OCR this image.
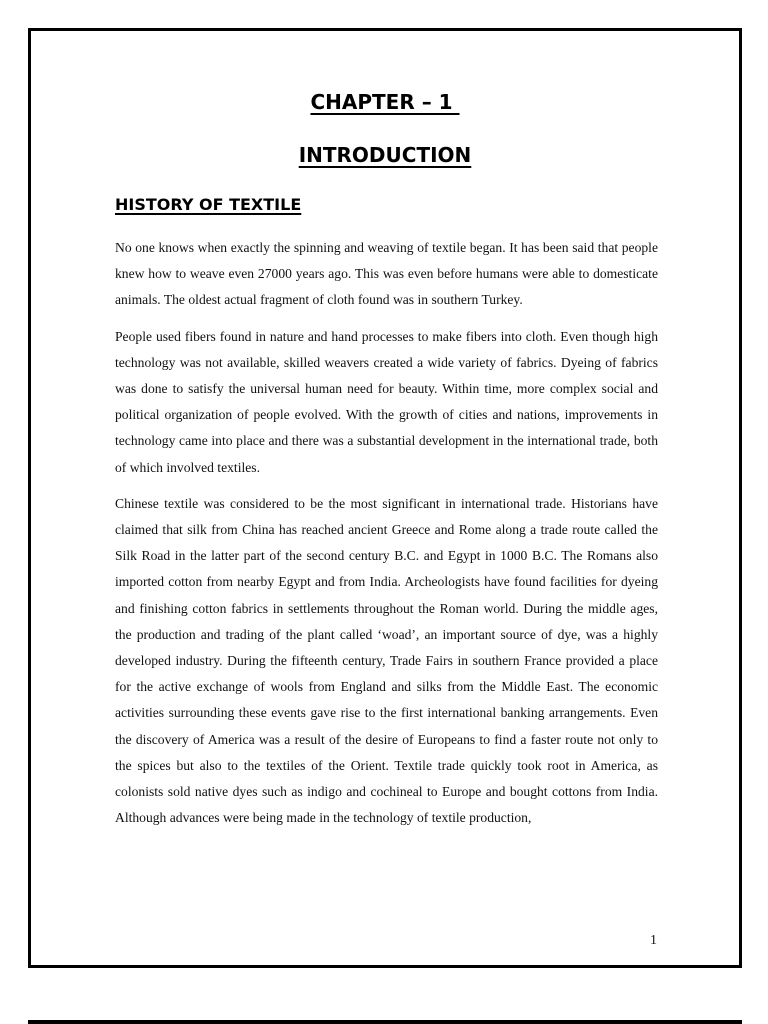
CHAPTER – 1
INTRODUCTION
HISTORY OF TEXTILE

No one knows when exactly the spinning and weaving of textile began. It has been said that people knew how to weave even 27000 years ago. This was even before humans were able to domesticate animals. The oldest actual fragment of cloth found was in southern Turkey.

People used fibers found in nature and hand processes to make fibers into cloth. Even though high technology was not available, skilled weavers created a wide variety of fabrics. Dyeing of fabrics was done to satisfy the universal human need for beauty. Within time, more complex social and political organization of people evolved. With the growth of cities and nations, improvements in technology came into place and there was a substantial development in the international trade, both of which involved textiles.

Chinese textile was considered to be the most significant in international trade. Historians have claimed that silk from China has reached ancient Greece and Rome along a trade route called the Silk Road in the latter part of the second century B.C. and Egypt in 1000 B.C. The Romans also imported cotton from nearby Egypt and from India. Archeologists have found facilities for dyeing and finishing cotton fabrics in settlements throughout the Roman world. During the middle ages, the production and trading of the plant called ‘woad’, an important source of dye, was a highly developed industry. During the fifteenth century, Trade Fairs in southern France provided a place for the active exchange of wools from England and silks from the Middle East. The economic activities surrounding these events gave rise to the first international banking arrangements. Even the discovery of America was a result of the desire of Europeans to find a faster route not only to the spices but also to the textiles of the Orient. Textile trade quickly took root in America, as colonists sold native dyes such as indigo and cochineal to Europe and bought cottons from India. Although advances were being made in the technology of textile production,

1
